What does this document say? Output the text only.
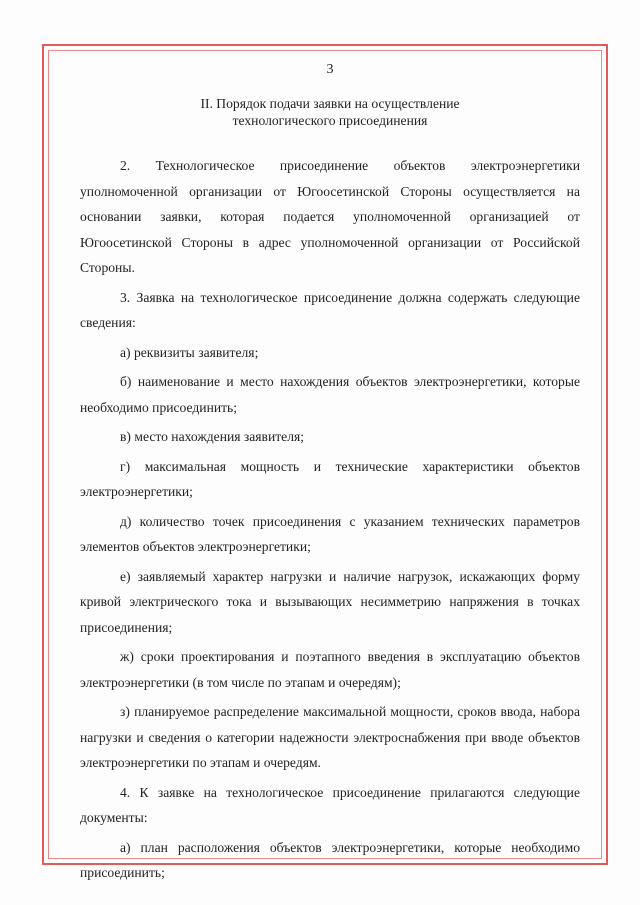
3
II. Порядок подачи заявки на осуществление
технологического присоединения

2. Технологическое присоединение объектов электроэнергетики уполномоченной организации от Югоосетинской Стороны осуществляется на основании заявки, которая подается уполномоченной организацией от Югоосетинской Стороны в адрес уполномоченной организации от Российской Стороны.

3. Заявка на технологическое присоединение должна содержать следующие сведения:

а) реквизиты заявителя;

б) наименование и место нахождения объектов электроэнергетики, которые необходимо присоединить;

в) место нахождения заявителя;

г) максимальная мощность и технические характеристики объектов электроэнергетики;

д) количество точек присоединения с указанием технических параметров элементов объектов электроэнергетики;

е) заявляемый характер нагрузки и наличие нагрузок, искажающих форму кривой электрического тока и вызывающих несимметрию напряжения в точках присоединения;

ж) сроки проектирования и поэтапного введения в эксплуатацию объектов электроэнергетики (в том числе по этапам и очередям);

з) планируемое распределение максимальной мощности, сроков ввода, набора нагрузки и сведения о категории надежности электроснабжения при вводе объектов электроэнергетики по этапам и очередям.

4. К заявке на технологическое присоединение прилагаются следующие документы:

а) план расположения объектов электроэнергетики, которые необходимо присоединить;
